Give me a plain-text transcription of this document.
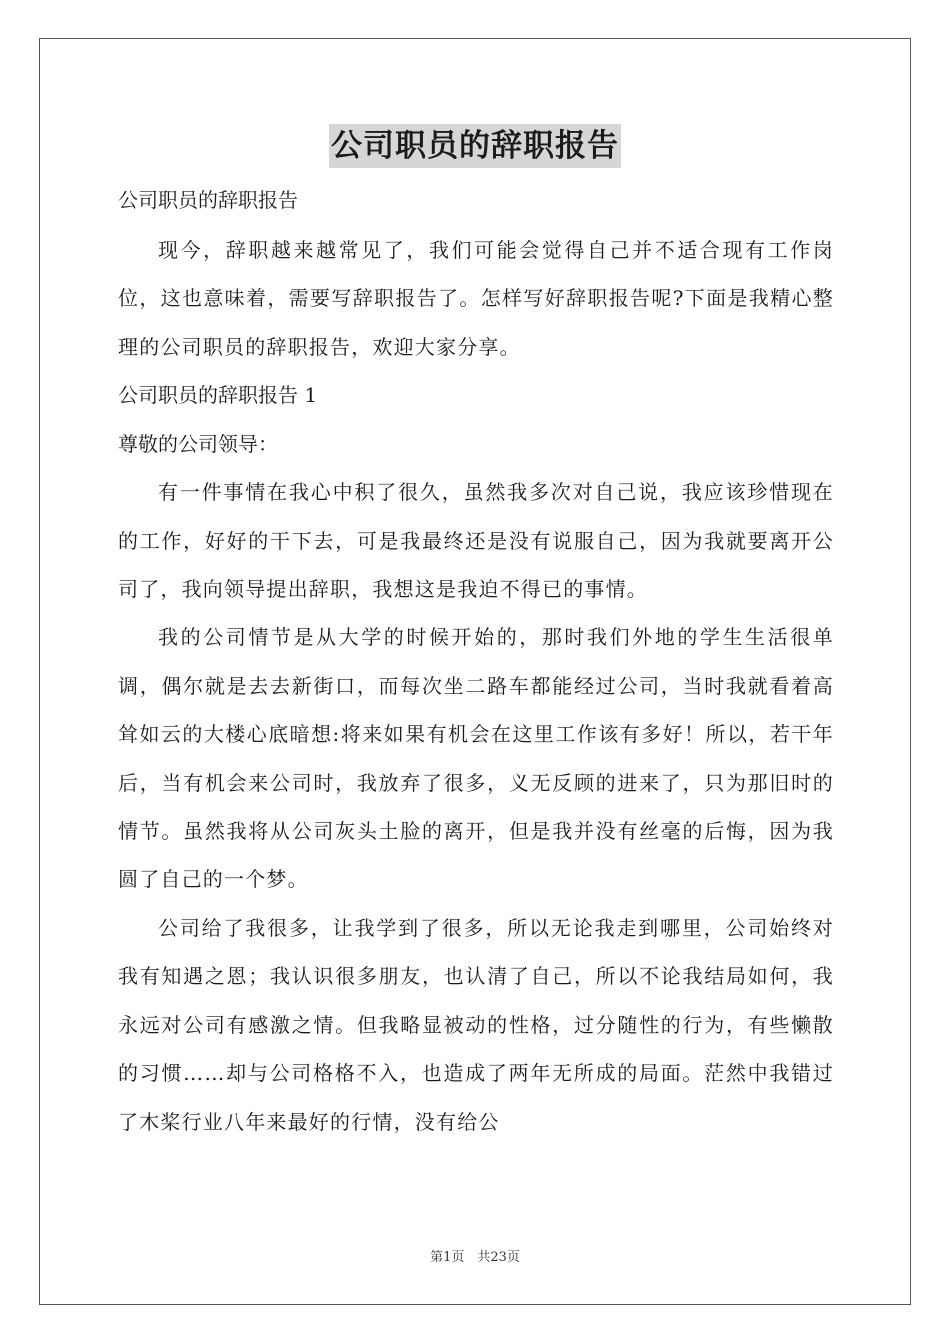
公司职员的辞职报告
公司职员的辞职报告

现今，辞职越来越常见了，我们可能会觉得自己并不适合现有工作岗位，这也意味着，需要写辞职报告了。怎样写好辞职报告呢?下面是我精心整理的公司职员的辞职报告，欢迎大家分享。

公司职员的辞职报告 1
尊敬的公司领导：

有一件事情在我心中积了很久，虽然我多次对自己说，我应该珍惜现在的工作，好好的干下去，可是我最终还是没有说服自己，因为我就要离开公司了，我向领导提出辞职，我想这是我迫不得已的事情。

我的公司情节是从大学的时候开始的，那时我们外地的学生生活很单调，偶尔就是去去新街口，而每次坐二路车都能经过公司，当时我就看着高耸如云的大楼心底暗想:将来如果有机会在这里工作该有多好！所以，若干年后，当有机会来公司时，我放弃了很多，义无反顾的进来了，只为那旧时的情节。虽然我将从公司灰头土脸的离开，但是我并没有丝毫的后悔，因为我圆了自己的一个梦。

公司给了我很多，让我学到了很多，所以无论我走到哪里，公司始终对我有知遇之恩；我认识很多朋友，也认清了自己，所以不论我结局如何，我永远对公司有感激之情。但我略显被动的性格，过分随性的行为，有些懒散的习惯……却与公司格格不入，也造成了两年无所成的局面。茫然中我错过了木桨行业八年来最好的行情，没有给公

第1页　共23页
